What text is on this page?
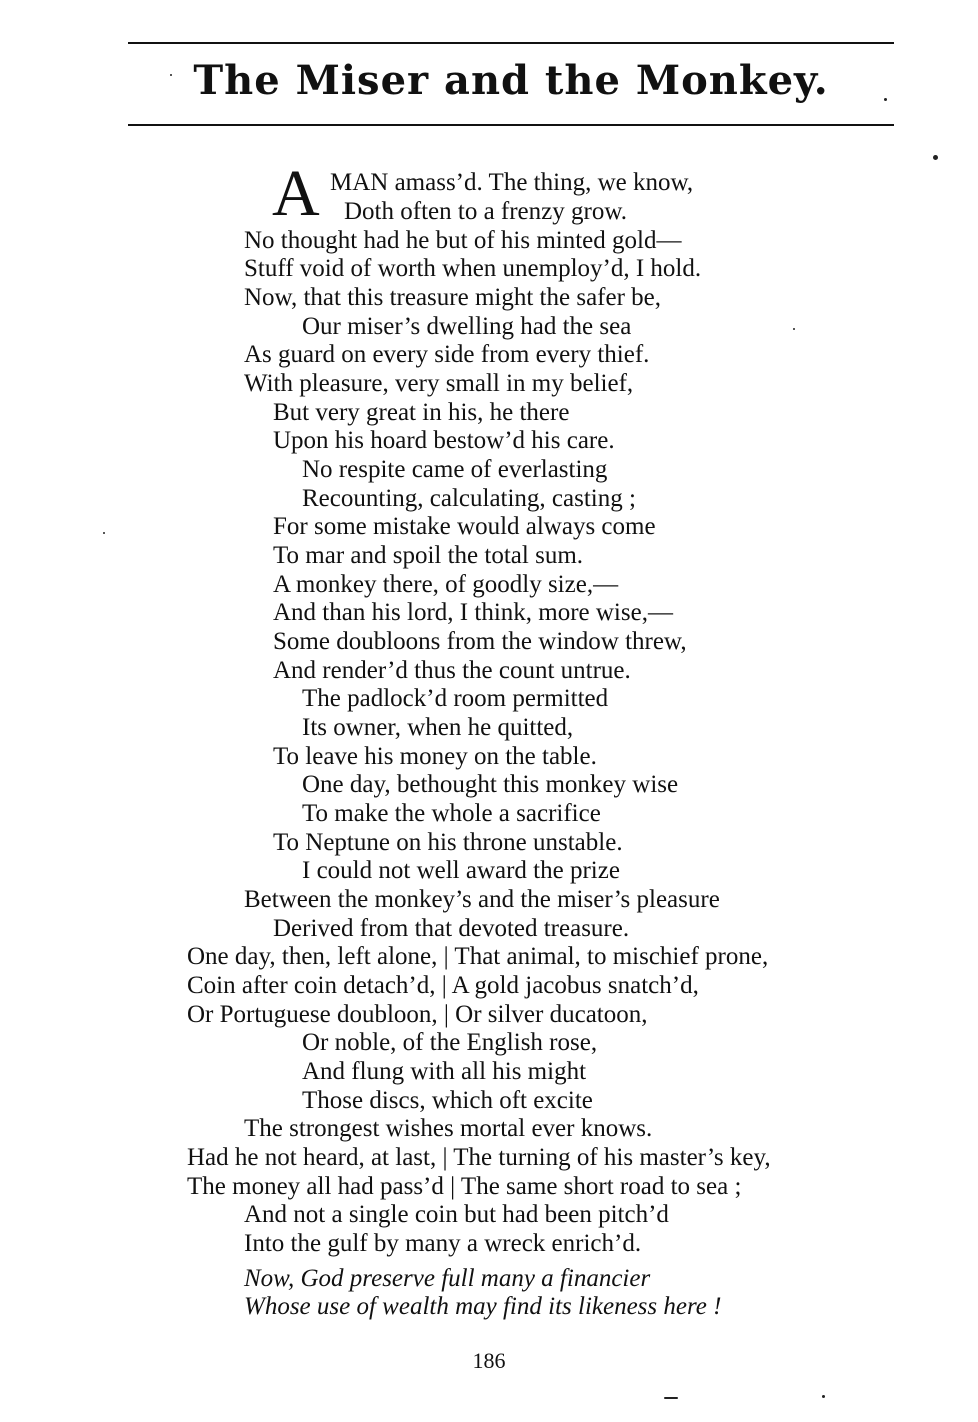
The Miser and the Monkey.
A MAN amass’d. The thing, we know,
Doth often to a frenzy grow.
No thought had he but of his minted gold—
Stuff void of worth when unemploy’d, I hold.
Now, that this treasure might the safer be,
Our miser’s dwelling had the sea
As guard on every side from every thief.
With pleasure, very small in my belief,
But very great in his, he there
Upon his hoard bestow’d his care.
No respite came of everlasting
Recounting, calculating, casting ;
For some mistake would always come
To mar and spoil the total sum.
A monkey there, of goodly size,—
And than his lord, I think, more wise,—
Some doubloons from the window threw,
And render’d thus the count untrue.
The padlock’d room permitted
Its owner, when he quitted,
To leave his money on the table.
One day, bethought this monkey wise
To make the whole a sacrifice
To Neptune on his throne unstable.
I could not well award the prize
Between the monkey’s and the miser’s pleasure
Derived from that devoted treasure.
One day, then, left alone, | That animal, to mischief prone,
Coin after coin detach’d, | A gold jacobus snatch’d,
Or Portuguese doubloon, | Or silver ducatoon,
Or noble, of the English rose,
And flung with all his might
Those discs, which oft excite
The strongest wishes mortal ever knows.
Had he not heard, at last, | The turning of his master’s key,
The money all had pass’d | The same short road to sea ;
And not a single coin but had been pitch’d
Into the gulf by many a wreck enrich’d.
Now, God preserve full many a financier
Whose use of wealth may find its likeness here !
186
